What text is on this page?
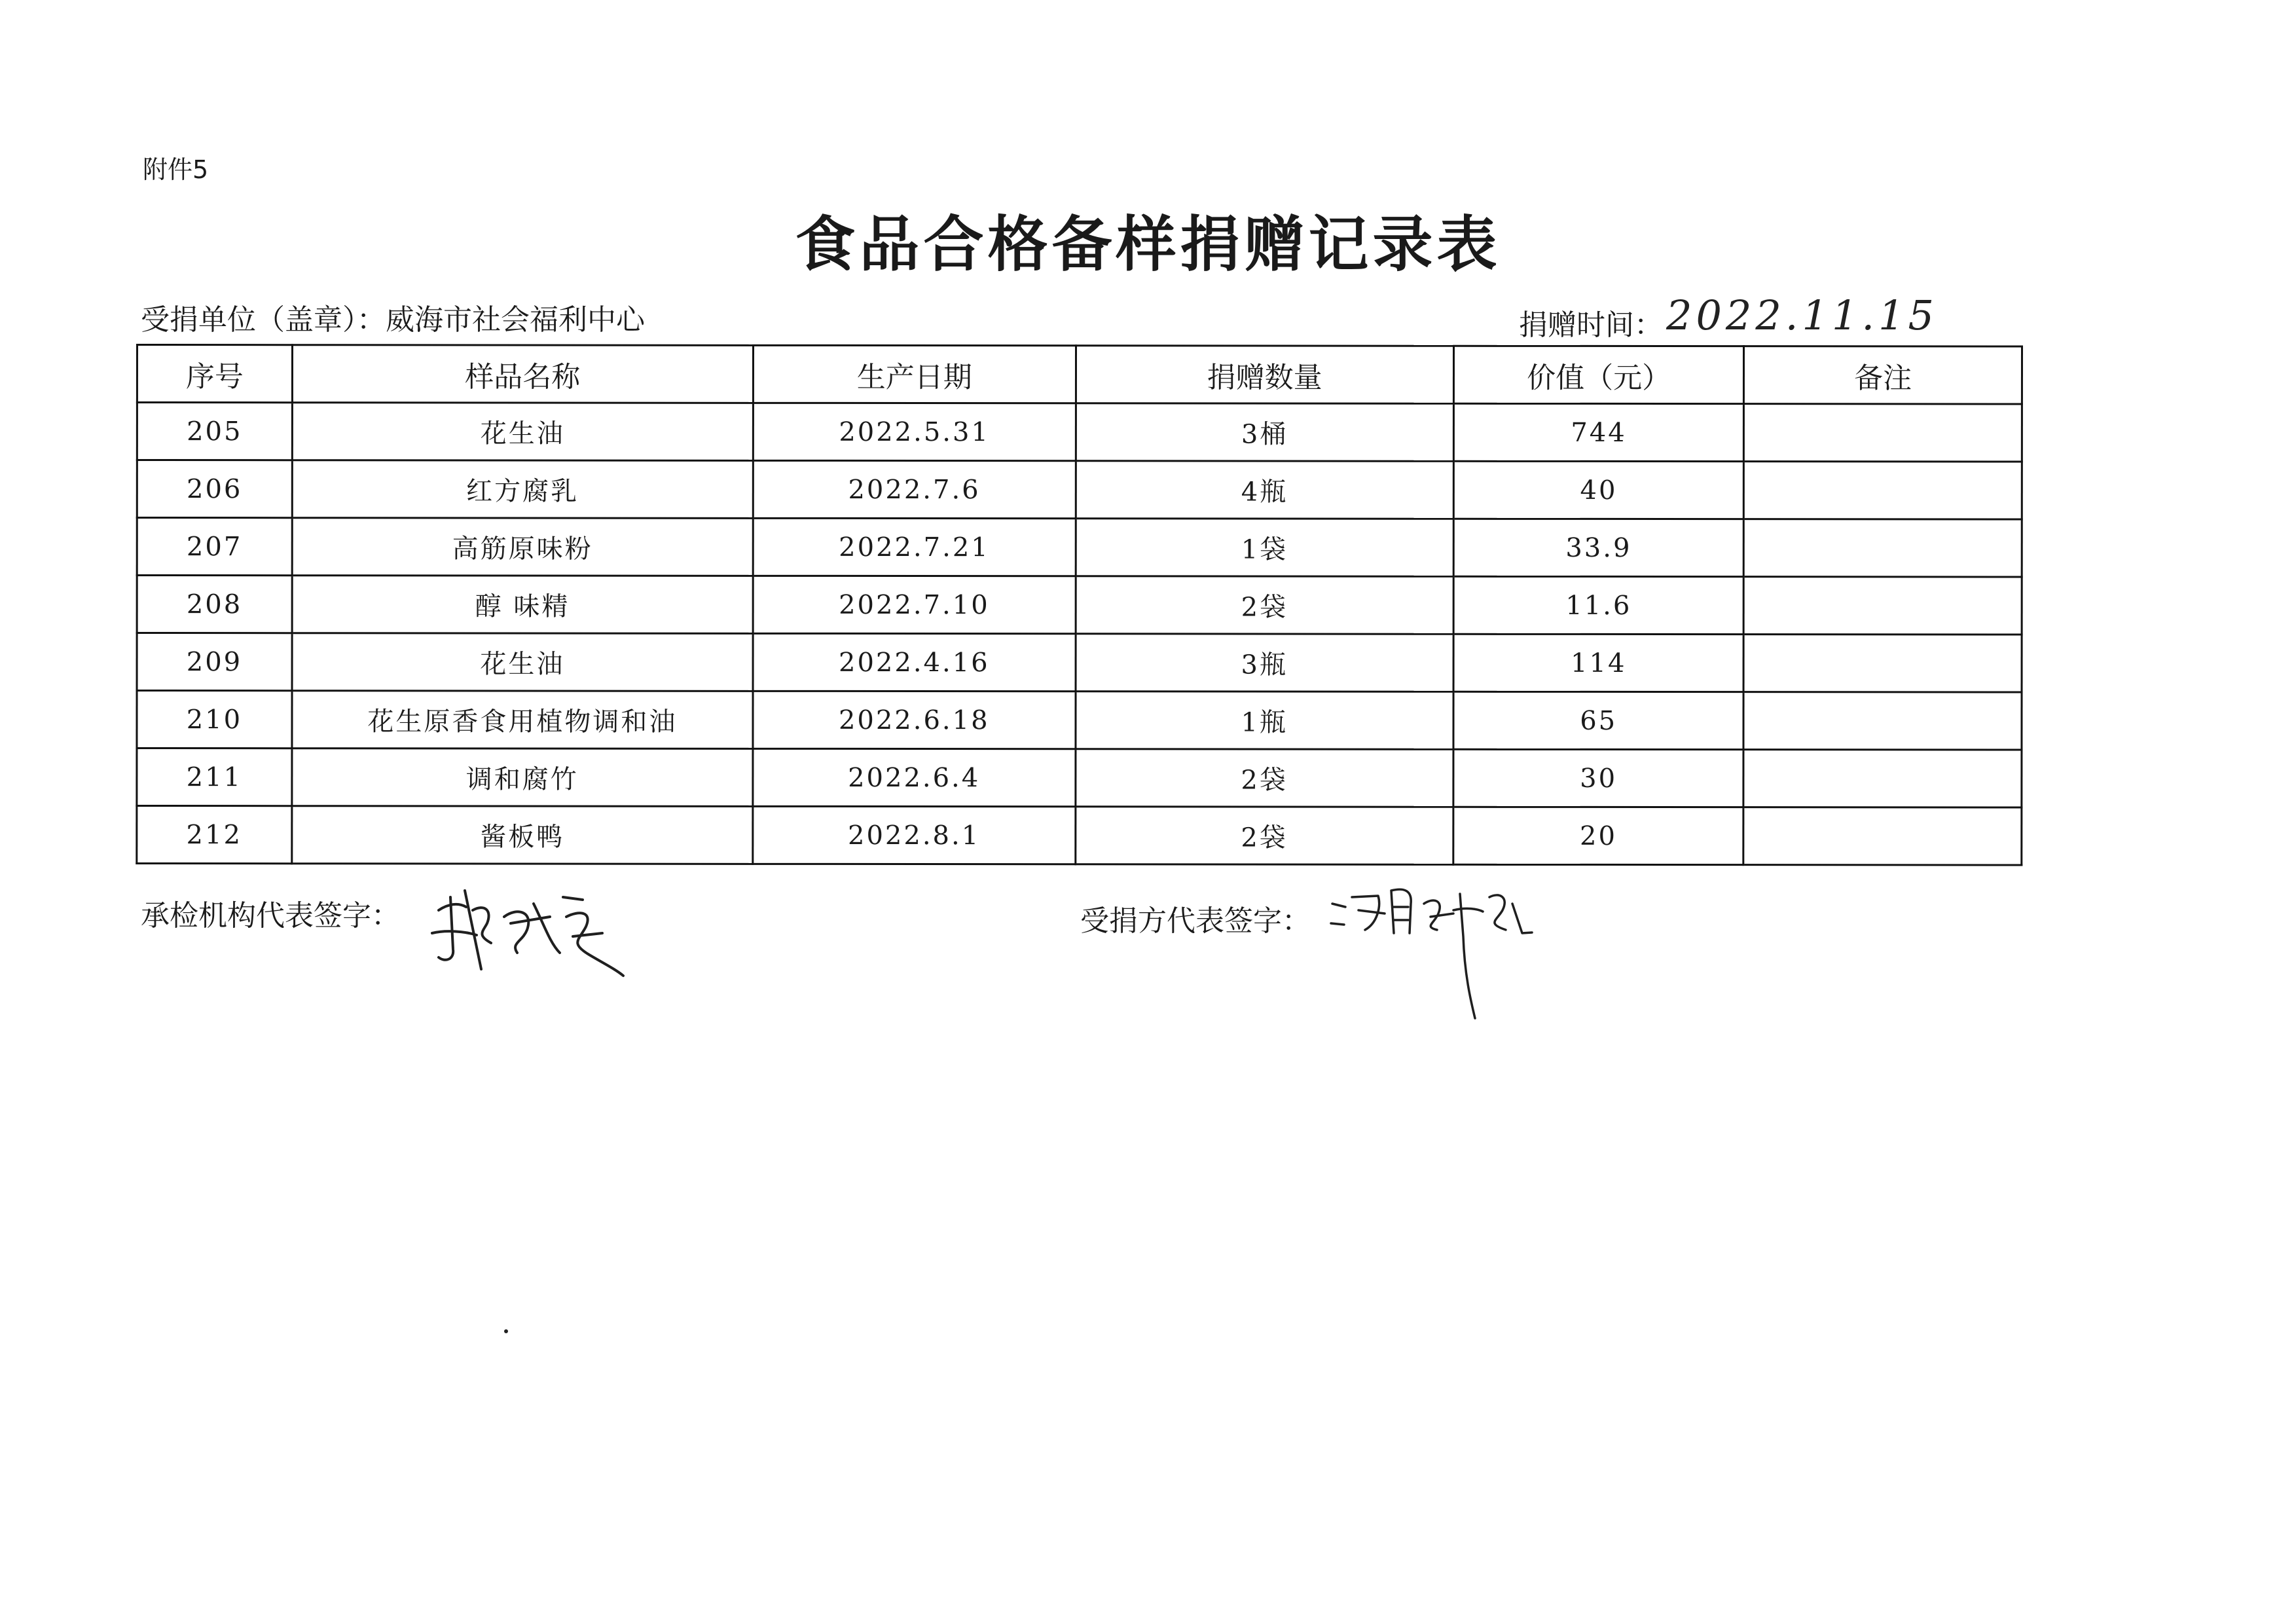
附件5
食品合格备样捐赠记录表
受捐单位（盖章）：威海市社会福利中心	捐赠时间： 2022.11.15
序号	样品名称	生产日期	捐赠数量	价值（元）	备注
205	花生油	2022.5.31	3桶	744	
206	红方腐乳	2022.7.6	4瓶	40	
207	高筋原味粉	2022.7.21	1袋	33.9	
208	醇 味精	2022.7.10	2袋	11.6	
209	花生油	2022.4.16	3瓶	114	
210	花生原香食用植物调和油	2022.6.18	1瓶	65	
211	调和腐竹	2022.6.4	2袋	30	
212	酱板鸭	2022.8.1	2袋	20	
承检机构代表签字：	受捐方代表签字：
